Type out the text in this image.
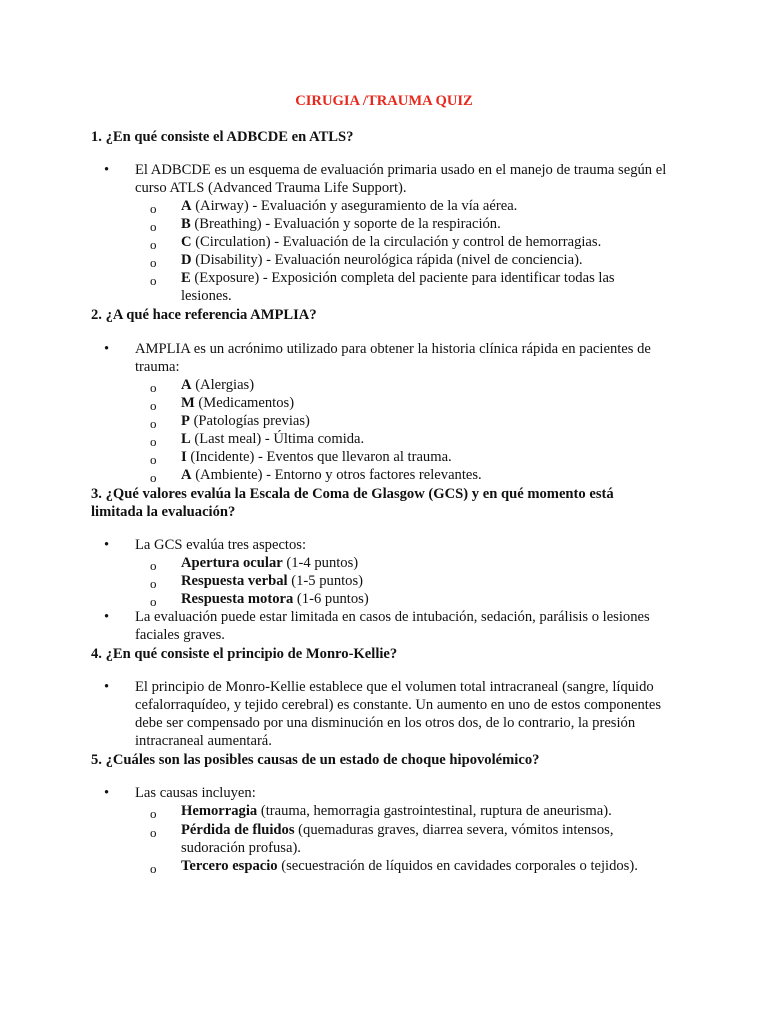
CIRUGIA /TRAUMA QUIZ
1. ¿En qué consiste el ADBCDE en ATLS?
• El ADBCDE es un esquema de evaluación primaria usado en el manejo de trauma según el curso ATLS (Advanced Trauma Life Support).
o A (Airway) - Evaluación y aseguramiento de la vía aérea.
o B (Breathing) - Evaluación y soporte de la respiración.
o C (Circulation) - Evaluación de la circulación y control de hemorragias.
o D (Disability) - Evaluación neurológica rápida (nivel de conciencia).
o E (Exposure) - Exposición completa del paciente para identificar todas las lesiones.
2. ¿A qué hace referencia AMPLIA?
• AMPLIA es un acrónimo utilizado para obtener la historia clínica rápida en pacientes de trauma:
o A (Alergias)
o M (Medicamentos)
o P (Patologías previas)
o L (Last meal) - Última comida.
o I (Incidente) - Eventos que llevaron al trauma.
o A (Ambiente) - Entorno y otros factores relevantes.
3. ¿Qué valores evalúa la Escala de Coma de Glasgow (GCS) y en qué momento está limitada la evaluación?
• La GCS evalúa tres aspectos:
o Apertura ocular (1-4 puntos)
o Respuesta verbal (1-5 puntos)
o Respuesta motora (1-6 puntos)
• La evaluación puede estar limitada en casos de intubación, sedación, parálisis o lesiones faciales graves.
4. ¿En qué consiste el principio de Monro-Kellie?
• El principio de Monro-Kellie establece que el volumen total intracraneal (sangre, líquido cefalorraquídeo, y tejido cerebral) es constante. Un aumento en uno de estos componentes debe ser compensado por una disminución en los otros dos, de lo contrario, la presión intracraneal aumentará.
5. ¿Cuáles son las posibles causas de un estado de choque hipovolémico?
• Las causas incluyen:
o Hemorragia (trauma, hemorragia gastrointestinal, ruptura de aneurisma).
o Pérdida de fluidos (quemaduras graves, diarrea severa, vómitos intensos, sudoración profusa).
o Tercero espacio (secuestración de líquidos en cavidades corporales o tejidos).
